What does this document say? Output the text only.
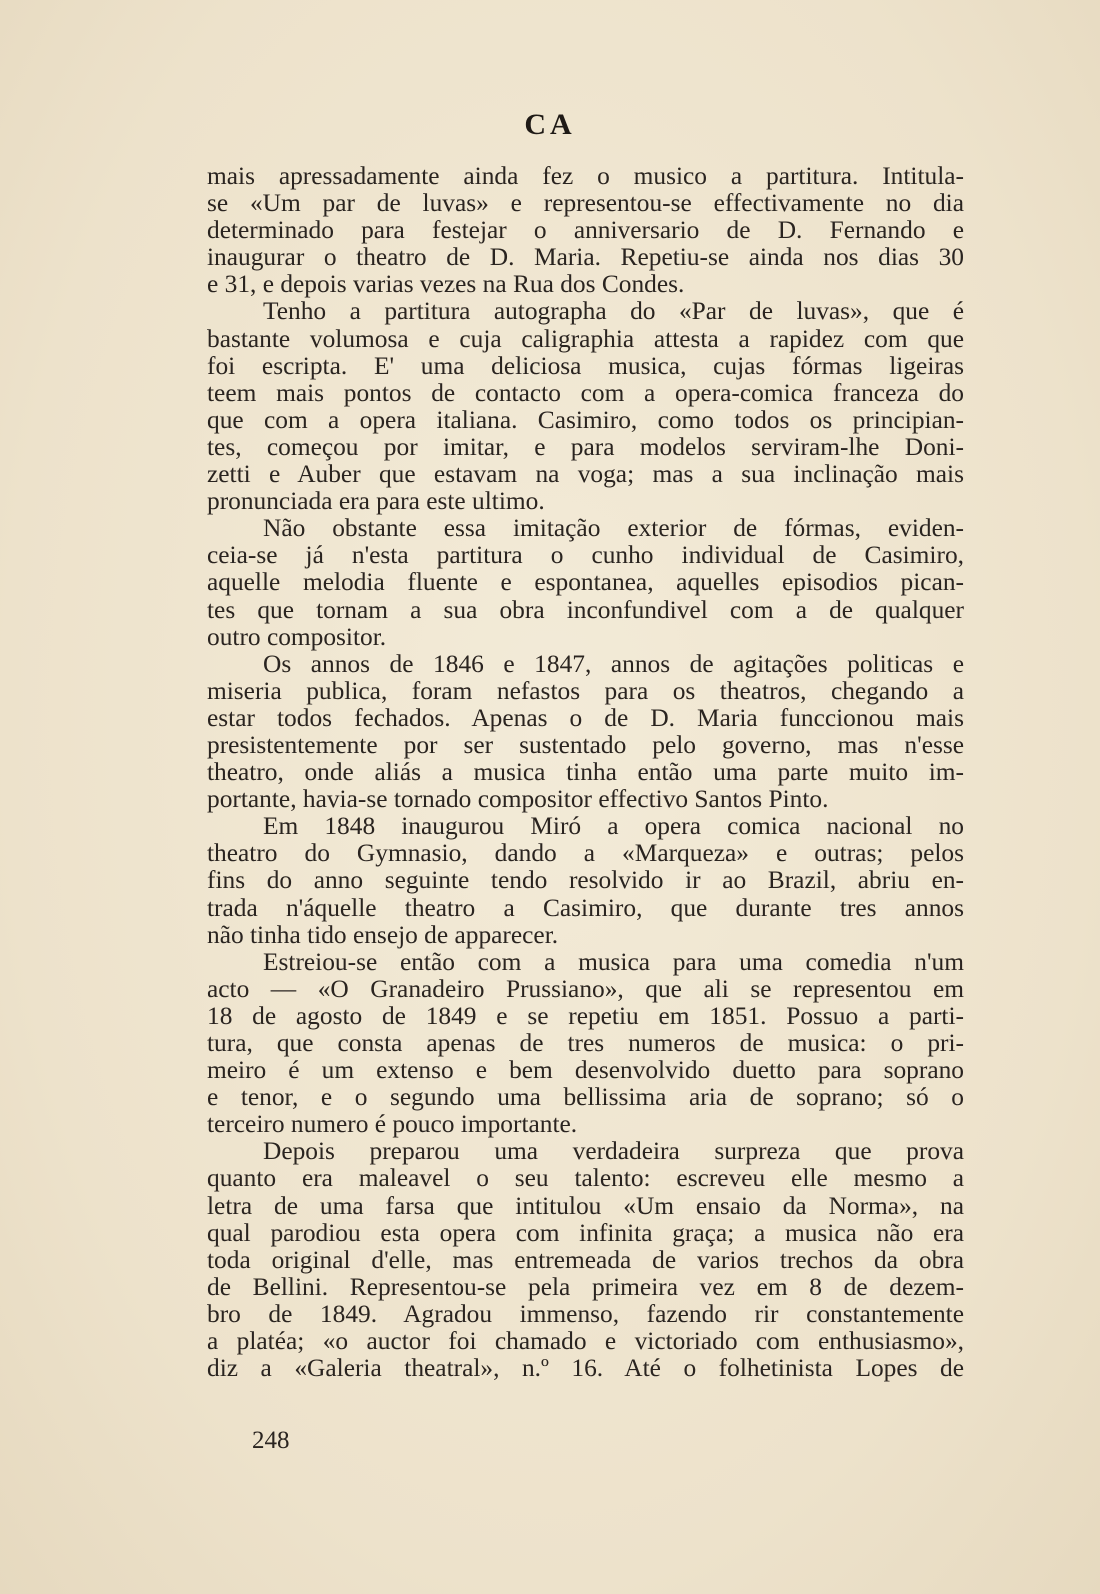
CA
mais apressadamente ainda fez o musico a partitura. Intitula-
se «Um par de luvas» e representou-se effectivamente no dia
determinado para festejar o anniversario de D. Fernando e
inaugurar o theatro de D. Maria. Repetiu-se ainda nos dias 30
e 31, e depois varias vezes na Rua dos Condes.
Tenho a partitura autographa do «Par de luvas», que é
bastante volumosa e cuja caligraphia attesta a rapidez com que
foi escripta. E' uma deliciosa musica, cujas fórmas ligeiras
teem mais pontos de contacto com a opera-comica franceza do
que com a opera italiana. Casimiro, como todos os principian-
tes, começou por imitar, e para modelos serviram-lhe Doni-
zetti e Auber que estavam na voga; mas a sua inclinação mais
pronunciada era para este ultimo.
Não obstante essa imitação exterior de fórmas, eviden-
ceia-se já n'esta partitura o cunho individual de Casimiro,
aquelle melodia fluente e espontanea, aquelles episodios pican-
tes que tornam a sua obra inconfundivel com a de qualquer
outro compositor.
Os annos de 1846 e 1847, annos de agitações politicas e
miseria publica, foram nefastos para os theatros, chegando a
estar todos fechados. Apenas o de D. Maria funccionou mais
presistentemente por ser sustentado pelo governo, mas n'esse
theatro, onde aliás a musica tinha então uma parte muito im-
portante, havia-se tornado compositor effectivo Santos Pinto.
Em 1848 inaugurou Miró a opera comica nacional no
theatro do Gymnasio, dando a «Marqueza» e outras; pelos
fins do anno seguinte tendo resolvido ir ao Brazil, abriu en-
trada n'áquelle theatro a Casimiro, que durante tres annos
não tinha tido ensejo de apparecer.
Estreiou-se então com a musica para uma comedia n'um
acto — «O Granadeiro Prussiano», que ali se representou em
18 de agosto de 1849 e se repetiu em 1851. Possuo a parti-
tura, que consta apenas de tres numeros de musica: o pri-
meiro é um extenso e bem desenvolvido duetto para soprano
e tenor, e o segundo uma bellissima aria de soprano; só o
terceiro numero é pouco importante.
Depois preparou uma verdadeira surpreza que prova
quanto era maleavel o seu talento: escreveu elle mesmo a
letra de uma farsa que intitulou «Um ensaio da Norma», na
qual parodiou esta opera com infinita graça; a musica não era
toda original d'elle, mas entremeada de varios trechos da obra
de Bellini. Representou-se pela primeira vez em 8 de dezem-
bro de 1849. Agradou immenso, fazendo rir constantemente
a platéa; «o auctor foi chamado e victoriado com enthusiasmo»,
diz a «Galeria theatral», n.º 16. Até o folhetinista Lopes de
248
